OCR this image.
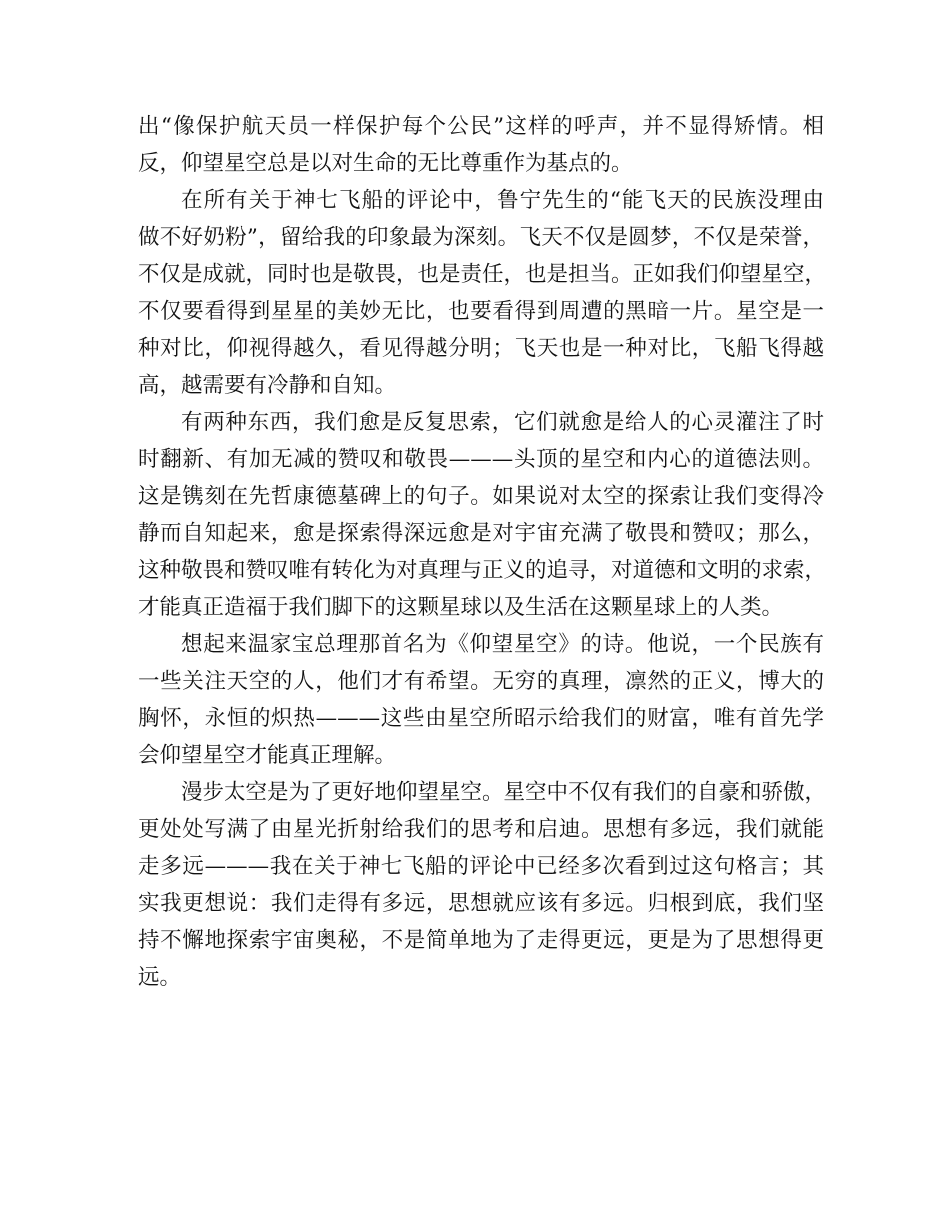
出“像保护航天员一样保护每个公民”这样的呼声，并不显得矫情。相
反，仰望星空总是以对生命的无比尊重作为基点的。

在所有关于神七飞船的评论中，鲁宁先生的“能飞天的民族没理由
做不好奶粉”，留给我的印象最为深刻。飞天不仅是圆梦，不仅是荣誉，
不仅是成就，同时也是敬畏，也是责任，也是担当。正如我们仰望星空，
不仅要看得到星星的美妙无比，也要看得到周遭的黑暗一片。星空是一
种对比，仰视得越久，看见得越分明；飞天也是一种对比，飞船飞得越
高，越需要有冷静和自知。

有两种东西，我们愈是反复思索，它们就愈是给人的心灵灌注了时
时翻新、有加无减的赞叹和敬畏———头顶的星空和内心的道德法则。
这是镌刻在先哲康德墓碑上的句子。如果说对太空的探索让我们变得冷
静而自知起来，愈是探索得深远愈是对宇宙充满了敬畏和赞叹；那么，
这种敬畏和赞叹唯有转化为对真理与正义的追寻，对道德和文明的求索，
才能真正造福于我们脚下的这颗星球以及生活在这颗星球上的人类。

想起来温家宝总理那首名为《仰望星空》的诗。他说，一个民族有
一些关注天空的人，他们才有希望。无穷的真理，凛然的正义，博大的
胸怀，永恒的炽热———这些由星空所昭示给我们的财富，唯有首先学
会仰望星空才能真正理解。

漫步太空是为了更好地仰望星空。星空中不仅有我们的自豪和骄傲，
更处处写满了由星光折射给我们的思考和启迪。思想有多远，我们就能
走多远———我在关于神七飞船的评论中已经多次看到过这句格言；其
实我更想说：我们走得有多远，思想就应该有多远。归根到底，我们坚
持不懈地探索宇宙奥秘，不是简单地为了走得更远，更是为了思想得更
远。
